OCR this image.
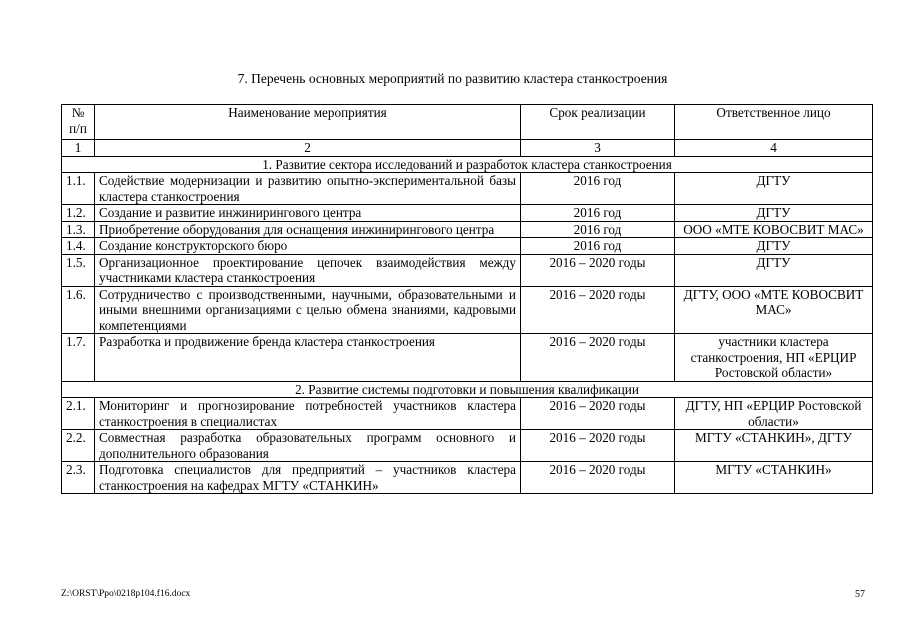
7. Перечень основных мероприятий по развитию кластера станкостроения
№ п/п	Наименование мероприятия	Срок реализации	Ответственное лицо
1	2	3	4
1. Развитие сектора исследований и разработок кластера станкостроения			
1.1.	Содействие модернизации и развитию опытно-экспериментальной базы кластера станкостроения	2016 год	ДГТУ
1.2.	Создание и развитие инжинирингового центра	2016 год	ДГТУ
1.3.	Приобретение оборудования для оснащения инжинирингового центра	2016 год	ООО «МТЕ КОВОСВИТ МАС»
1.4.	Создание конструкторского бюро	2016 год	ДГТУ
1.5.	Организационное проектирование цепочек взаимодействия между участниками кластера станкостроения	2016 – 2020 годы	ДГТУ
1.6.	Сотрудничество с производственными, научными, образовательными и иными внешними организациями с целью обмена знаниями, кадровыми компетенциями	2016 – 2020 годы	ДГТУ, ООО «МТЕ КОВОСВИТ МАС»
1.7.	Разработка и продвижение бренда кластера станкостроения	2016 – 2020 годы	участники кластера станкостроения, НП «ЕРЦИР Ростовской области»
2. Развитие системы подготовки и повышения квалификации			
2.1.	Мониторинг и прогнозирование потребностей участников кластера станкостроения в специалистах	2016 – 2020 годы	ДГТУ, НП «ЕРЦИР Ростовской области»
2.2.	Совместная разработка образовательных программ основного и дополнительного образования	2016 – 2020 годы	МГТУ «СТАНКИН», ДГТУ
2.3.	Подготовка специалистов для предприятий – участников кластера станкостроения на кафедрах МГТУ «СТАНКИН»	2016 – 2020 годы	МГТУ «СТАНКИН»
Z:\ORST\Ppo\0218p104.f16.docx	57
